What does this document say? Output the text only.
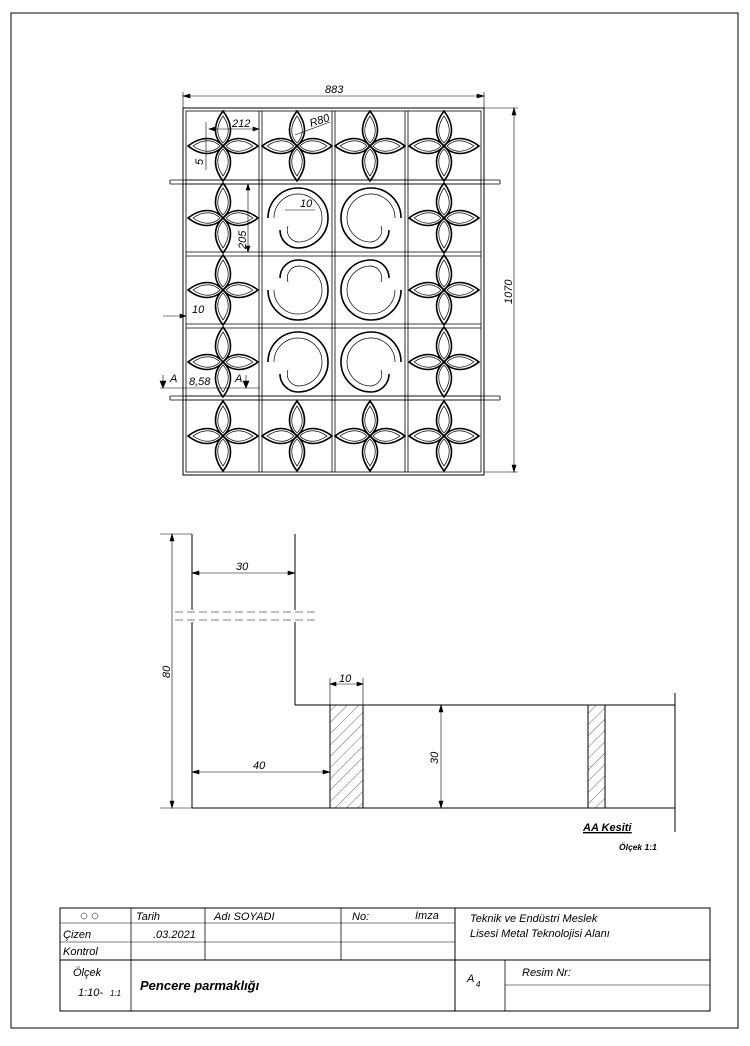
883
1070
212
5
R80
10
205
10
A	A
8,58
30
80
10
40
30
AA Kesiti
Ölçek 1:1
Tarih	Adı SOYADI	No:	Imza
Çizen	.03.2021
Kontrol
Ölçek
1:10- 1:1
Pencere parmaklığı
Teknik ve Endüstri Meslek
Lisesi Metal Teknolojisi Alanı
A 4
Resim Nr:
